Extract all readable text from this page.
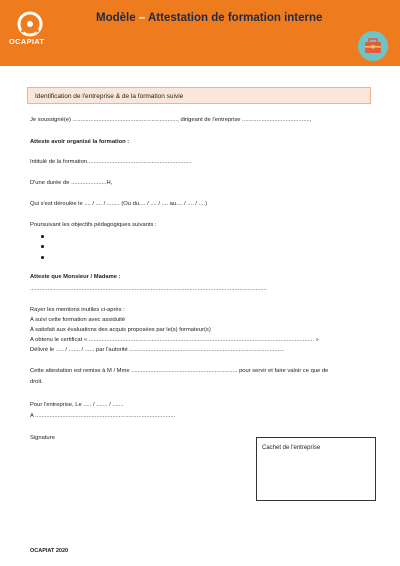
OCAPIAT
Modèle – Attestation de formation interne
Identification de l'entreprise & de la formation suivie
Je soussigné(e) ................................................................., dirigeant de l'entreprise ..........................................,
Atteste avoir organisé la formation :
Intitulé de la formation.................................................................
D'une durée de ......................H,
Qui s'est déroulée le .... / .... / ........ (Ou du.... / .... / .... au.... / .... / ....)
Poursuivant les objectifs pédagogiques suivants :
Atteste que Monsieur / Madame :
...................................................................................................................................................
Rayer les mentions inutiles ci-après :
A suivi cette formation avec assiduité
A satisfait aux évaluations des acquis proposées par le(s) formateur(s)
A obtenu le certificat « ............................................................................................................................................ »
Délivré le ..... / ....... / ...... par l'autorité ................................................................................................
Cette attestation est remise à M / Mme .................................................................. pour servir et faire valoir ce que de
droit.
Pour l'entreprise, Le ..... / ....... / .......
A .......................................................................................
Signature
Cachet de l'entreprise
OCAPIAT 2020
